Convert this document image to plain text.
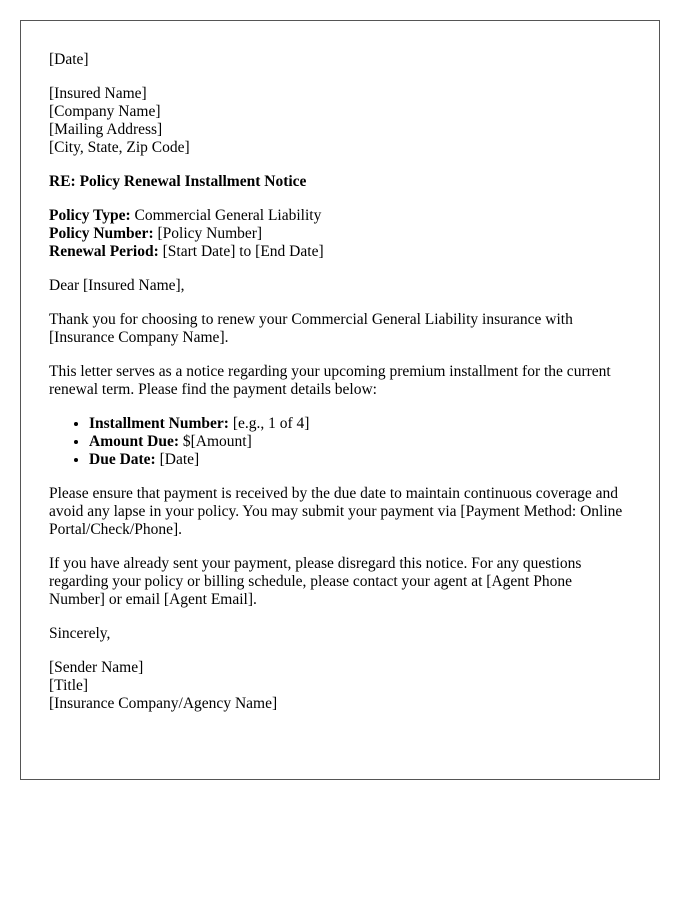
[Date]
[Insured Name]
[Company Name]
[Mailing Address]
[City, State, Zip Code]
RE: Policy Renewal Installment Notice
Policy Type: Commercial General Liability
Policy Number: [Policy Number]
Renewal Period: [Start Date] to [End Date]

Dear [Insured Name],

Thank you for choosing to renew your Commercial General Liability insurance with [Insurance Company Name].

This letter serves as a notice regarding your upcoming premium installment for the current renewal term. Please find the payment details below:

• Installment Number: [e.g., 1 of 4]
• Amount Due: $[Amount]
• Due Date: [Date]

Please ensure that payment is received by the due date to maintain continuous coverage and avoid any lapse in your policy. You may submit your payment via [Payment Method: Online Portal/Check/Phone].

If you have already sent your payment, please disregard this notice. For any questions regarding your policy or billing schedule, please contact your agent at [Agent Phone Number] or email [Agent Email].

Sincerely,

[Sender Name]
[Title]
[Insurance Company/Agency Name]
